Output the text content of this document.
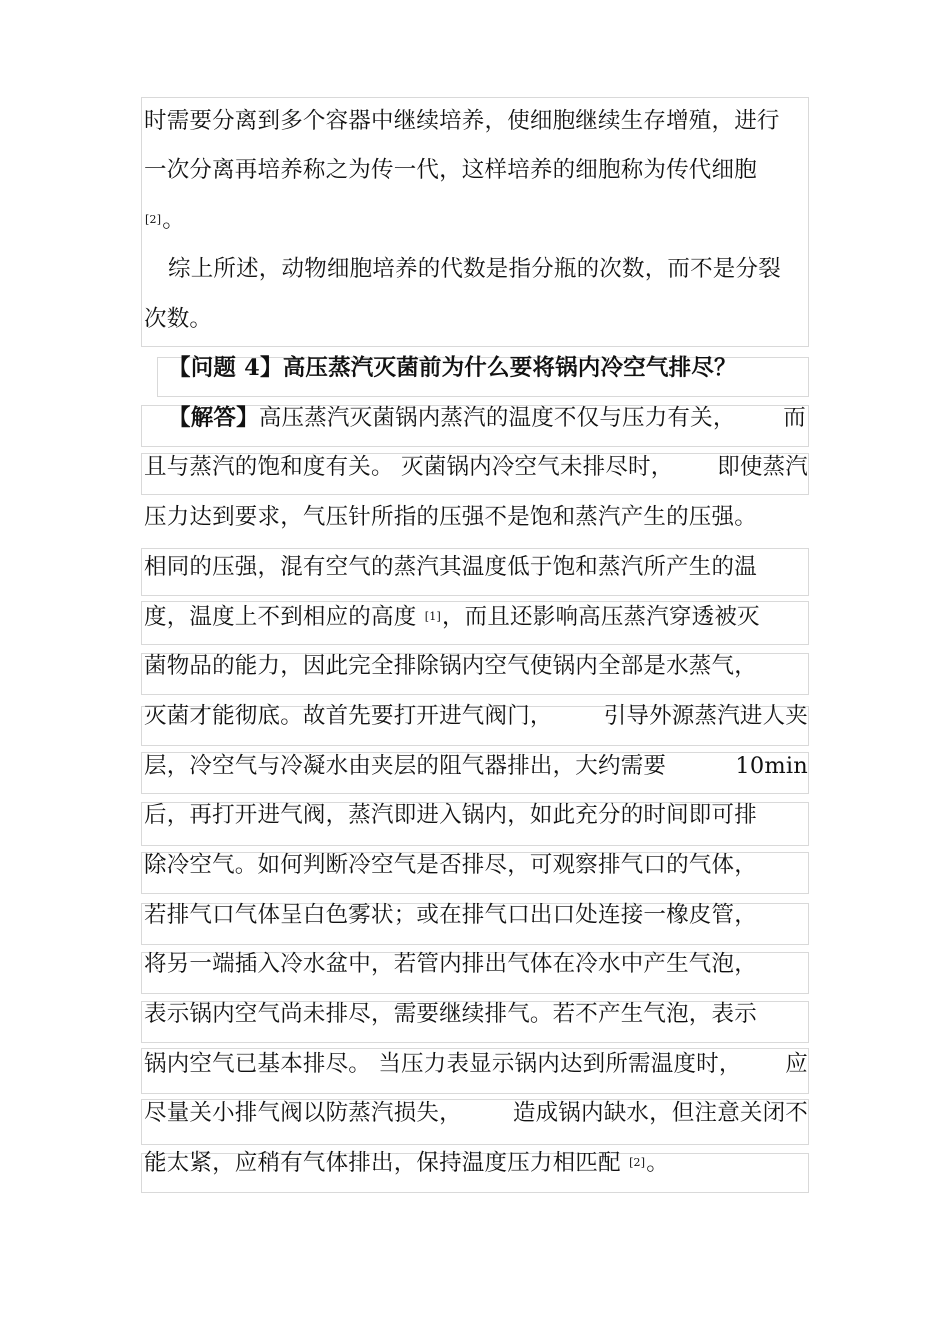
时需要分离到多个容器中继续培养，使细胞继续生存增殖，进行
一次分离再培养称之为传一代，这样培养的细胞称为传代细胞
[2]。
综上所述，动物细胞培养的代数是指分瓶的次数，而不是分裂
次数。
【问题 4】高压蒸汽灭菌前为什么要将锅内冷空气排尽？
【解答】高压蒸汽灭菌锅内蒸汽的温度不仅与压力有关， 而
且与蒸汽的饱和度有关。 灭菌锅内冷空气未排尽时， 即使蒸汽
压力达到要求，气压针所指的压强不是饱和蒸汽产生的压强。
相同的压强，混有空气的蒸汽其温度低于饱和蒸汽所产生的温
度，温度上不到相应的高度 [1]，而且还影响高压蒸汽穿透被灭
菌物品的能力，因此完全排除锅内空气使锅内全部是水蒸气，
灭菌才能彻底。故首先要打开进气阀门， 引导外源蒸汽进人夹
层，冷空气与冷凝水由夹层的阻气器排出，大约需要	10min
后，再打开进气阀，蒸汽即进入锅内，如此充分的时间即可排
除冷空气。如何判断冷空气是否排尽，可观察排气口的气体，
若排气口气体呈白色雾状；或在排气口出口处连接一橡皮管，
将另一端插入冷水盆中，若管内排出气体在冷水中产生气泡，
表示锅内空气尚未排尽，需要继续排气。若不产生气泡，表示
锅内空气已基本排尽。 当压力表显示锅内达到所需温度时， 应
尽量关小排气阀以防蒸汽损失， 造成锅内缺水，但注意关闭不
能太紧，应稍有气体排出，保持温度压力相匹配 [2]。
